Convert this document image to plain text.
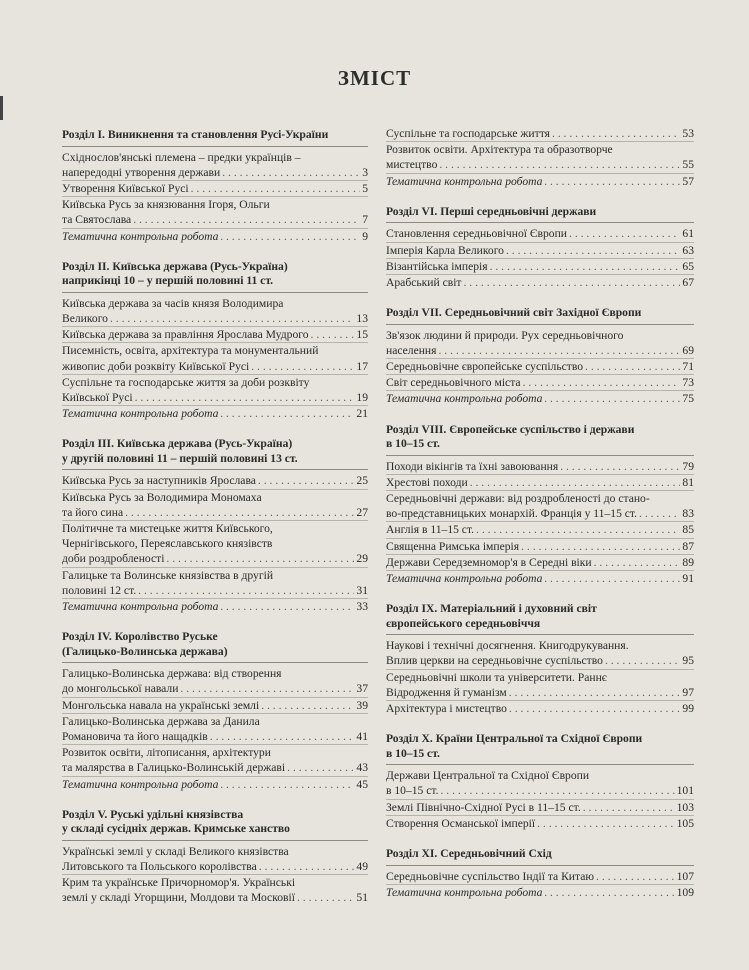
ЗМІСТ
Розділ І. Виникнення та становлення Русі-України
Східнослов'янські племена – предки українців –
напередодні утворення держави . . .	3
Утворення Київської Русі . . .	5
Київська Русь за князювання Ігоря, Ольги
та Святослава . . .	7
Тематична контрольна робота . . .	9
Розділ ІІ. Київська держава (Русь-Україна)
наприкінці 10 – у першій половині 11 ст.
Київська держава за часів князя Володимира
Великого . . .	13
Київська держава за правління Ярослава Мудрого . . .	15
Писемність, освіта, архітектура та монументальний
живопис доби розквіту Київської Русі . . .	17
Суспільне та господарське життя за доби розквіту
Київської Русі . . .	19
Тематична контрольна робота . . .	21
Розділ ІІІ. Київська держава (Русь-Україна)
у другій половині 11 – першій половині 13 ст.
Київська Русь за наступників Ярослава . . .	25
Київська Русь за Володимира Мономаха
та його сина . . .	27
Політичне та мистецьке життя Київського,
Чернігівського, Переяславського князівств
доби роздробленості . . .	29
Галицьке та Волинське князівства в другій
половині 12 ст. . . .	31
Тематична контрольна робота . . .	33
Розділ IV. Королівство Руське
(Галицько-Волинська держава)
Галицько-Волинська держава: від створення
до монгольської навали . . .	37
Монгольська навала на українські землі . . .	39
Галицько-Волинська держава за Данила
Романовича та його нащадків . . .	41
Розвиток освіти, літописання, архітектури
та малярства в Галицько-Волинській державі . . .	43
Тематична контрольна робота . . .	45
Розділ V. Руські удільні князівства
у складі сусідніх держав. Кримське ханство
Українські землі у складі Великого князівства
Литовського та Польського королівства . . .	49
Крим та українське Причорномор'я. Українські
землі у складі Угорщини, Молдови та Московії . . .	51
Суспільне та господарське життя . . .	53
Розвиток освіти. Архітектура та образотворче
мистецтво . . .	55
Тематична контрольна робота . . .	57
Розділ VI. Перші середньовічні держави
Становлення середньовічної Європи . . .	61
Імперія Карла Великого . . .	63
Візантійська імперія . . .	65
Арабський світ . . .	67
Розділ VII. Середньовічний світ Західної Європи
Зв'язок людини й природи. Рух середньовічного
населення . . .	69
Середньовічне європейське суспільство . . .	71
Світ середньовічного міста . . .	73
Тематична контрольна робота . . .	75
Розділ VIII. Європейське суспільство і держави
в 10–15 ст.
Походи вікінгів та їхні завоювання . . .	79
Хрестові походи . . .	81
Середньовічні держави: від роздробленості до стано-
во-представницьких монархій. Франція у 11–15 ст. . . .	83
Англія в 11–15 ст. . . .	85
Священна Римська імперія . . .	87
Держави Середземномор'я в Середні віки . . .	89
Тематична контрольна робота . . .	91
Розділ IX. Матеріальний і духовний світ
європейського середньовіччя
Наукові і технічні досягнення. Книгодрукування.
Вплив церкви на середньовічне суспільство . . .	95
Середньовічні школи та університети. Раннє
Відродження й гуманізм . . .	97
Архітектура і мистецтво . . .	99
Розділ X. Країни Центральної та Східної Європи
в 10–15 ст.
Держави Центральної та Східної Європи
в 10–15 ст. . . .	101
Землі Північно-Східної Русі в 11–15 ст. . . .	103
Створення Османської імперії . . .	105
Розділ XI. Середньовічний Схід
Середньовічне суспільство Індії та Китаю . . .	107
Тематична контрольна робота . . .	109
